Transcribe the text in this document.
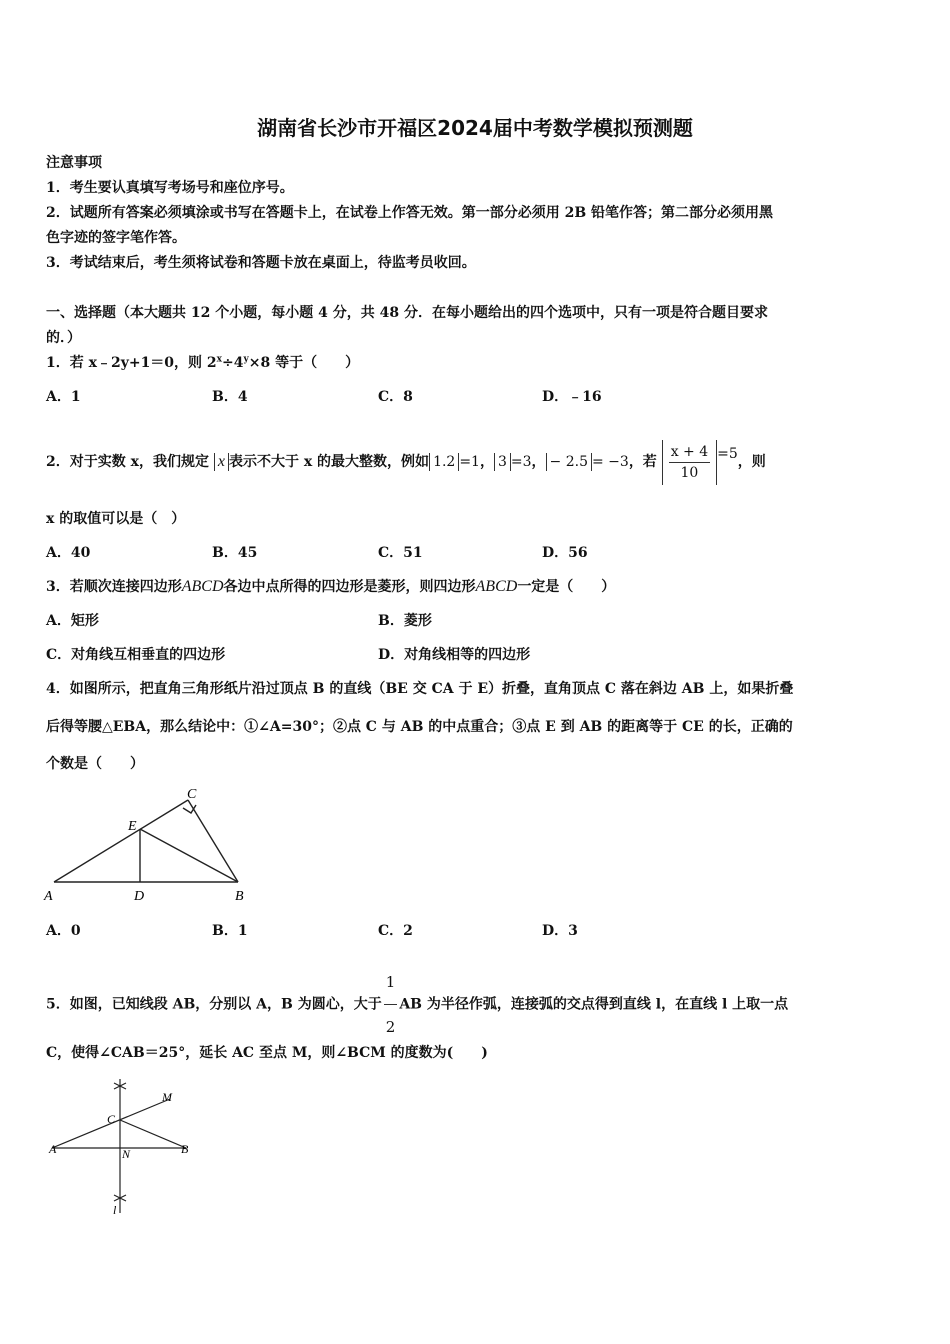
湖南省长沙市开福区2024届中考数学模拟预测题
注意事项
1．考生要认真填写考场号和座位序号。
2．试题所有答案必须填涂或书写在答题卡上，在试卷上作答无效。第一部分必须用 2B 铅笔作答；第二部分必须用黑
色字迹的签字笔作答。
3．考试结束后，考生须将试卷和答题卡放在桌面上，待监考员收回。
一、选择题（本大题共 12 个小题，每小题 4 分，共 48 分．在每小题给出的四个选项中，只有一项是符合题目要求
的．）
1．若 x﹣2y+1＝0，则 $2^x\div 4^y\times 8$ 等于（　　）
A．1	B．4	C．8	D．﹣16
2．对于实数 x，我们规定 x 表示不大于 x 的最大整数，例如 1.2 =1， 3 =3， − 2.5 = −3，若 $\frac{x + 4}{10} =5$，则
x 的取值可以是（　）
A．40	B．45	C．51	D．56
3．若顺次连接四边形ABCD各边中点所得的四边形是菱形，则四边形ABCD一定是（　　）
A．矩形	B．菱形
C．对角线互相垂直的四边形	D．对角线相等的四边形
4．如图所示，把直角三角形纸片沿过顶点 B 的直线（BE 交 CA 于 E）折叠，直角顶点 C 落在斜边 AB 上，如果折叠
后得等腰△EBA，那么结论中：①∠A=30°；②点 C 与 AB 的中点重合；③点 E 到 AB 的距离等于 CE 的长，正确的
个数是（　　）
C
E
A	D	B
A．0	B．1	C．2	D．3
5．如图，已知线段 AB，分别以 A，B 为圆心，大于 $\frac{1}{2}$ AB 为半径作弧，连接弧的交点得到直线 l，在直线 l 上取一点
C，使得∠CAB＝25°，延长 AC 至点 M，则∠BCM 的度数为(　　)
M
C
A	N	B
l
